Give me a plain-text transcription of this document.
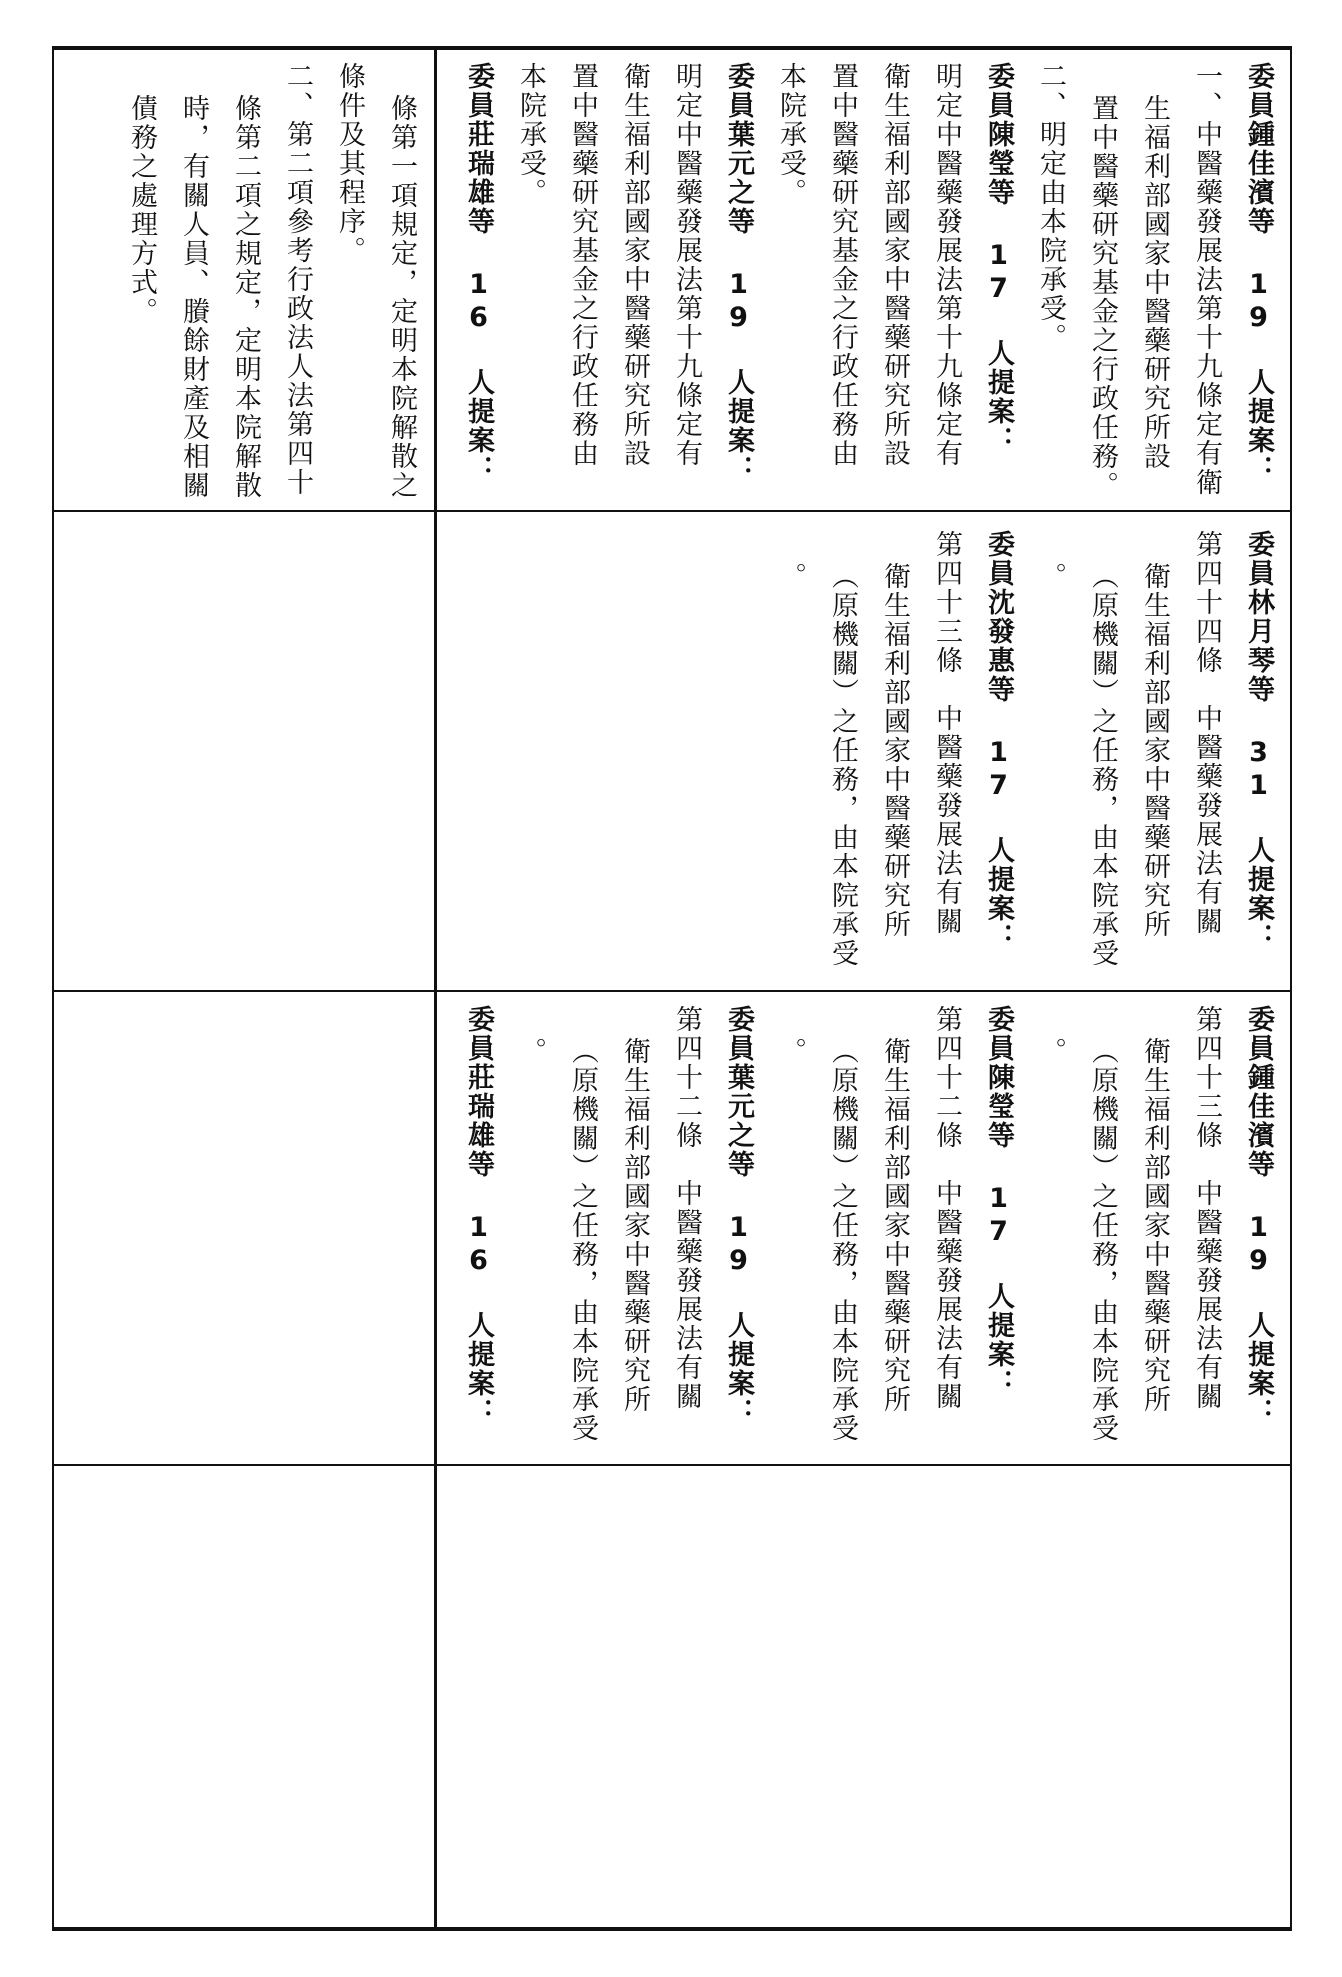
條第一項規定，定明本院解散之

條件及其程序。

二、第二項參考行政法人法第四十

條第二項之規定，定明本院解散

時，有關人員、賸餘財產及相關

債務之處理方式。	委員鍾佳濱等 19 人提案：

一、中醫藥發展法第十九條定有衛

生福利部國家中醫藥研究所設

置中醫藥研究基金之行政任務。

二、明定由本院承受。

委員陳瑩等 17 人提案：

明定中醫藥發展法第十九條定有

衛生福利部國家中醫藥研究所設

置中醫藥研究基金之行政任務由

本院承受。

委員葉元之等 19 人提案：

明定中醫藥發展法第十九條定有

衛生福利部國家中醫藥研究所設

置中醫藥研究基金之行政任務由

本院承受。

委員莊瑞雄等 16 人提案：

委員林月琴等 31 人提案：

第四十四條　中醫藥發展法有關

衛生福利部國家中醫藥研究所

（原機關）之任務，由本院承受

。

委員沈發惠等 17 人提案：

第四十三條　中醫藥發展法有關

衛生福利部國家中醫藥研究所

（原機關）之任務，由本院承受

。

委員鍾佳濱等 19 人提案：

第四十三條　中醫藥發展法有關

衛生福利部國家中醫藥研究所

（原機關）之任務，由本院承受

。

委員陳瑩等 17 人提案：

第四十二條　中醫藥發展法有關

衛生福利部國家中醫藥研究所

（原機關）之任務，由本院承受

。

委員葉元之等 19 人提案：

第四十二條　中醫藥發展法有關

衛生福利部國家中醫藥研究所

（原機關）之任務，由本院承受

。

委員莊瑞雄等 16 人提案：
